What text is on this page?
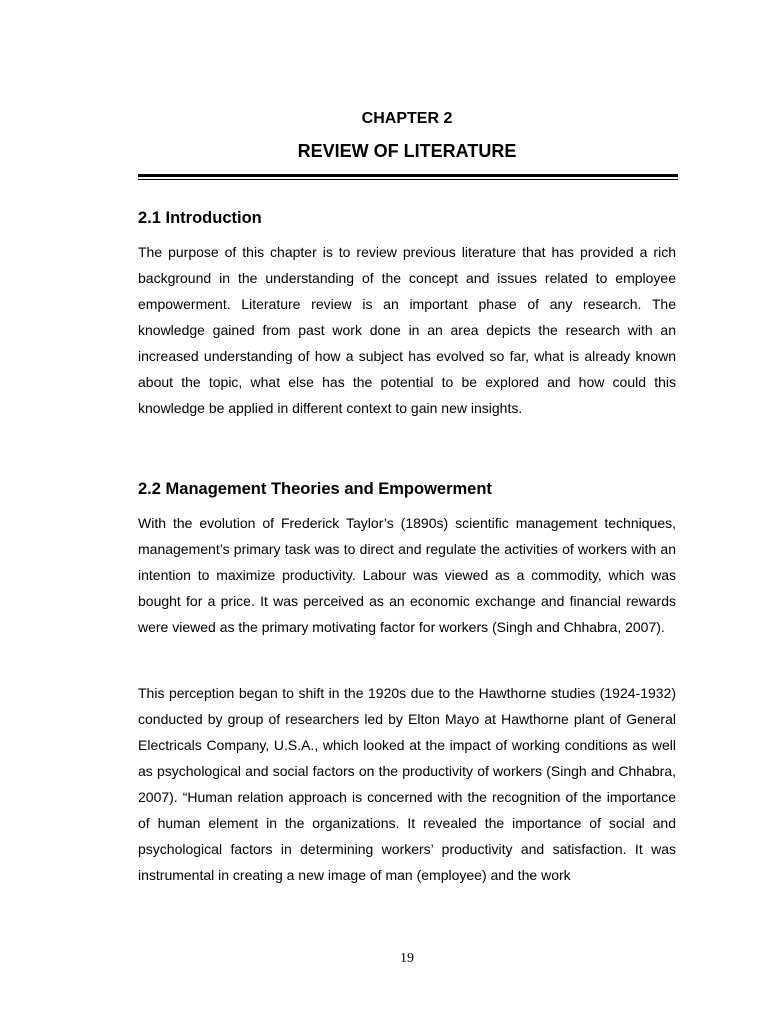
CHAPTER 2
REVIEW OF LITERATURE
2.1 Introduction

The purpose of this chapter is to review previous literature that has provided a rich background in the understanding of the concept and issues related to employee empowerment. Literature review is an important phase of any research. The knowledge gained from past work done in an area depicts the research with an increased understanding of how a subject has evolved so far, what is already known about the topic, what else has the potential to be explored and how could this knowledge be applied in different context to gain new insights.

2.2 Management Theories and Empowerment

With the evolution of Frederick Taylor’s (1890s) scientific management techniques, management’s primary task was to direct and regulate the activities of workers with an intention to maximize productivity. Labour was viewed as a commodity, which was bought for a price. It was perceived as an economic exchange and financial rewards were viewed as the primary motivating factor for workers (Singh and Chhabra, 2007).

This perception began to shift in the 1920s due to the Hawthorne studies (1924-1932) conducted by group of researchers led by Elton Mayo at Hawthorne plant of General Electricals Company, U.S.A., which looked at the impact of working conditions as well as psychological and social factors on the productivity of workers (Singh and Chhabra, 2007). “Human relation approach is concerned with the recognition of the importance of human element in the organizations. It revealed the importance of social and psychological factors in determining workers’ productivity and satisfaction. It was instrumental in creating a new image of man (employee) and the work

19
